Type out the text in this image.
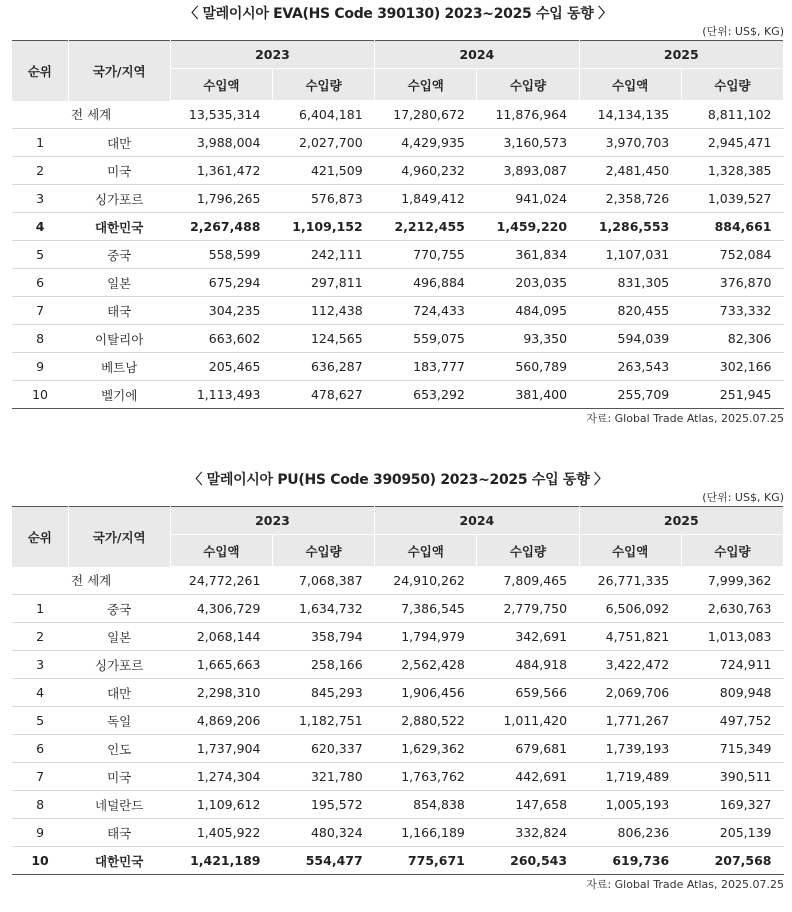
〈 말레이시아 EVA(HS Code 390130) 2023~2025 수입 동향 〉
(단위: US$, KG)
순위	국가/지역	2023		2024		2025	
		수입액	수입량	수입액	수입량	수입액	수입량
전 세계		13,535,314	6,404,181	17,280,672	11,876,964	14,134,135	8,811,102
1	대만	3,988,004	2,027,700	4,429,935	3,160,573	3,970,703	2,945,471
2	미국	1,361,472	421,509	4,960,232	3,893,087	2,481,450	1,328,385
3	싱가포르	1,796,265	576,873	1,849,412	941,024	2,358,726	1,039,527
4	대한민국	2,267,488	1,109,152	2,212,455	1,459,220	1,286,553	884,661
5	중국	558,599	242,111	770,755	361,834	1,107,031	752,084
6	일본	675,294	297,811	496,884	203,035	831,305	376,870
7	태국	304,235	112,438	724,433	484,095	820,455	733,332
8	이탈리아	663,602	124,565	559,075	93,350	594,039	82,306
9	베트남	205,465	636,287	183,777	560,789	263,543	302,166
10	벨기에	1,113,493	478,627	653,292	381,400	255,709	251,945
자료: Global Trade Atlas, 2025.07.25
〈 말레이시아 PU(HS Code 390950) 2023~2025 수입 동향 〉
(단위: US$, KG)
순위	국가/지역	2023		2024		2025	
		수입액	수입량	수입액	수입량	수입액	수입량
전 세계		24,772,261	7,068,387	24,910,262	7,809,465	26,771,335	7,999,362
1	중국	4,306,729	1,634,732	7,386,545	2,779,750	6,506,092	2,630,763
2	일본	2,068,144	358,794	1,794,979	342,691	4,751,821	1,013,083
3	싱가포르	1,665,663	258,166	2,562,428	484,918	3,422,472	724,911
4	대만	2,298,310	845,293	1,906,456	659,566	2,069,706	809,948
5	독일	4,869,206	1,182,751	2,880,522	1,011,420	1,771,267	497,752
6	인도	1,737,904	620,337	1,629,362	679,681	1,739,193	715,349
7	미국	1,274,304	321,780	1,763,762	442,691	1,719,489	390,511
8	네덜란드	1,109,612	195,572	854,838	147,658	1,005,193	169,327
9	태국	1,405,922	480,324	1,166,189	332,824	806,236	205,139
10	대한민국	1,421,189	554,477	775,671	260,543	619,736	207,568
자료: Global Trade Atlas, 2025.07.25
